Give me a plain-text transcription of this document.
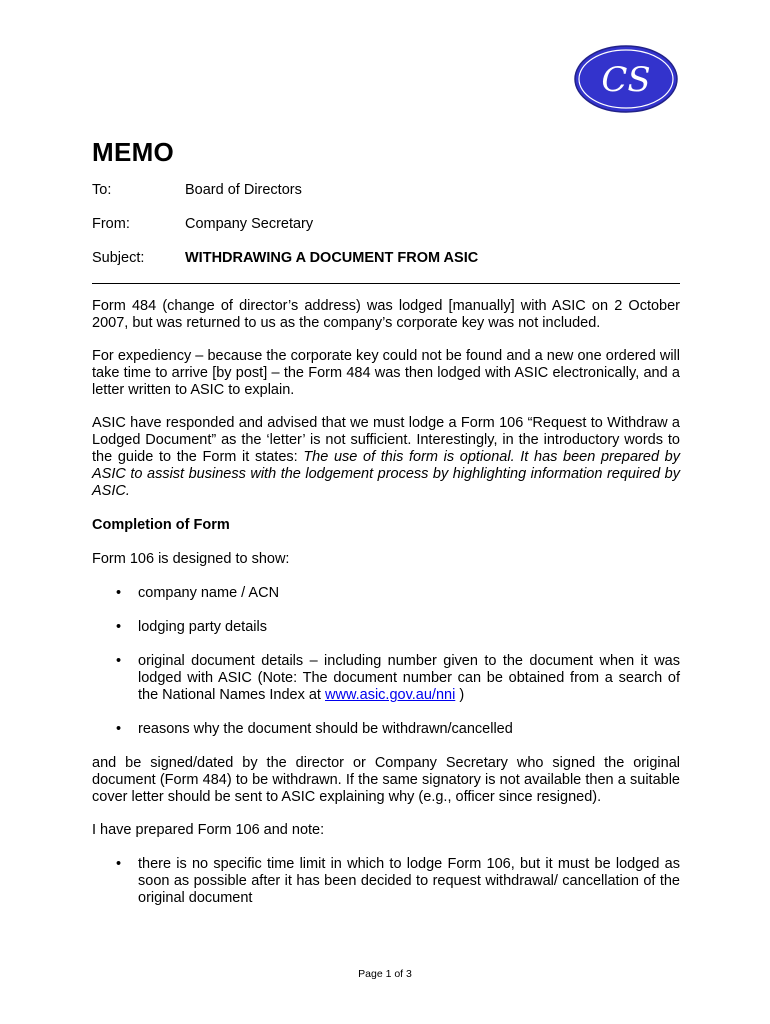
CS
MEMO
To:	Board of Directors
From:	Company Secretary
Subject:	WITHDRAWING A DOCUMENT FROM ASIC

Form 484 (change of director’s address) was lodged [manually] with ASIC on 2 October 2007, but was returned to us as the company’s corporate key was not included.

For expediency – because the corporate key could not be found and a new one ordered will take time to arrive [by post] – the Form 484 was then lodged with ASIC electronically, and a letter written to ASIC to explain.

ASIC have responded and advised that we must lodge a Form 106 “Request to Withdraw a Lodged Document” as the ‘letter’ is not sufficient. Interestingly, in the introductory words to the guide to the Form it states: The use of this form is optional. It has been prepared by ASIC to assist business with the lodgement process by highlighting information required by ASIC.

Completion of Form

Form 106 is designed to show:

• company name / ACN
• lodging party details
• original document details – including number given to the document when it was lodged with ASIC (Note: The document number can be obtained from a search of the National Names Index at www.asic.gov.au/nni )
• reasons why the document should be withdrawn/cancelled

and be signed/dated by the director or Company Secretary who signed the original document (Form 484) to be withdrawn. If the same signatory is not available then a suitable cover letter should be sent to ASIC explaining why (e.g., officer since resigned).

I have prepared Form 106 and note:

• there is no specific time limit in which to lodge Form 106, but it must be lodged as soon as possible after it has been decided to request withdrawal/ cancellation of the original document
Page 1 of 3
